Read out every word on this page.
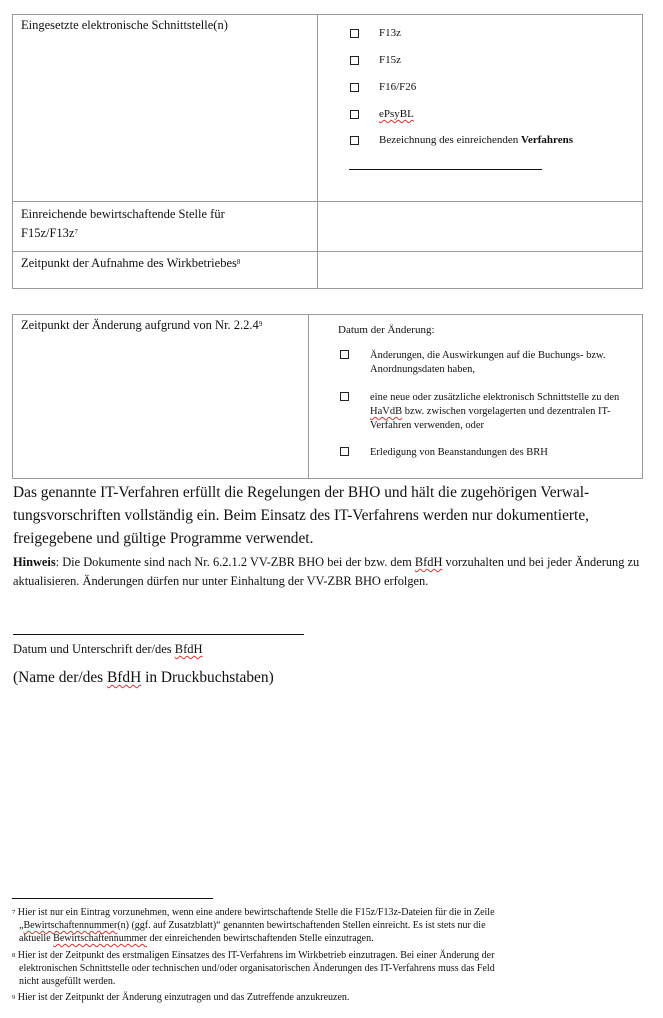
Eingesetzte elektronische Schnittstelle(n)

F13z
F15z
F16/F26
ePsyBL
Bezeichnung des einreichenden Verfahrens

Einreichende bewirtschaftende Stelle für
$F15z/F13z^7$

Zeitpunkt der Aufnahme des Wirkbetriebes$^8$

Zeitpunkt der Änderung aufgrund von Nr. 2.2.4$^9$	Datum der Änderung:
Änderungen, die Auswirkungen auf die Buchungs- bzw. Anordnungsdaten haben,
eine neue oder zusätzliche elektronisch Schnittstelle zu den HaVdB bzw. zwischen vorgelagerten und dezentralen IT-Verfahren verwenden, oder
Erledigung von Beanstandungen des BRH
Das genannte IT-Verfahren erfüllt die Regelungen der BHO und hält die zugehörigen Verwal-
tungsvorschriften vollständig ein. Beim Einsatz des IT-Verfahrens werden nur dokumentierte,
freigegebene und gültige Programme verwendet.
Hinweis: Die Dokumente sind nach Nr. 6.2.1.2 VV-ZBR BHO bei der bzw. dem BfdH vorzuhalten und bei jeder Änderung zu aktualisieren. Änderungen dürfen nur unter Einhaltung der VV-ZBR BHO erfolgen.
Datum und Unterschrift der/des BfdH
(Name der/des BfdH in Druckbuchstaben)
$^7$ Hier ist nur ein Eintrag vorzunehmen, wenn eine andere bewirtschaftende Stelle die F15z/F13z-Dateien für die in Zeile
„Bewirtschaftennummer(n) (ggf. auf Zusatzblatt)“ genannten bewirtschaftenden Stellen einreicht. Es ist stets nur die
aktuelle Bewirtschaftennummer der einreichenden bewirtschaftenden Stelle einzutragen.
$^8$ Hier ist der Zeitpunkt des erstmaligen Einsatzes des IT-Verfahrens im Wirkbetrieb einzutragen. Bei einer Änderung der
elektronischen Schnittstelle oder technischen und/oder organisatorischen Änderungen des IT-Verfahrens muss das Feld
nicht ausgefüllt werden.
$^9$ Hier ist der Zeitpunkt der Änderung einzutragen und das Zutreffende anzukreuzen.
